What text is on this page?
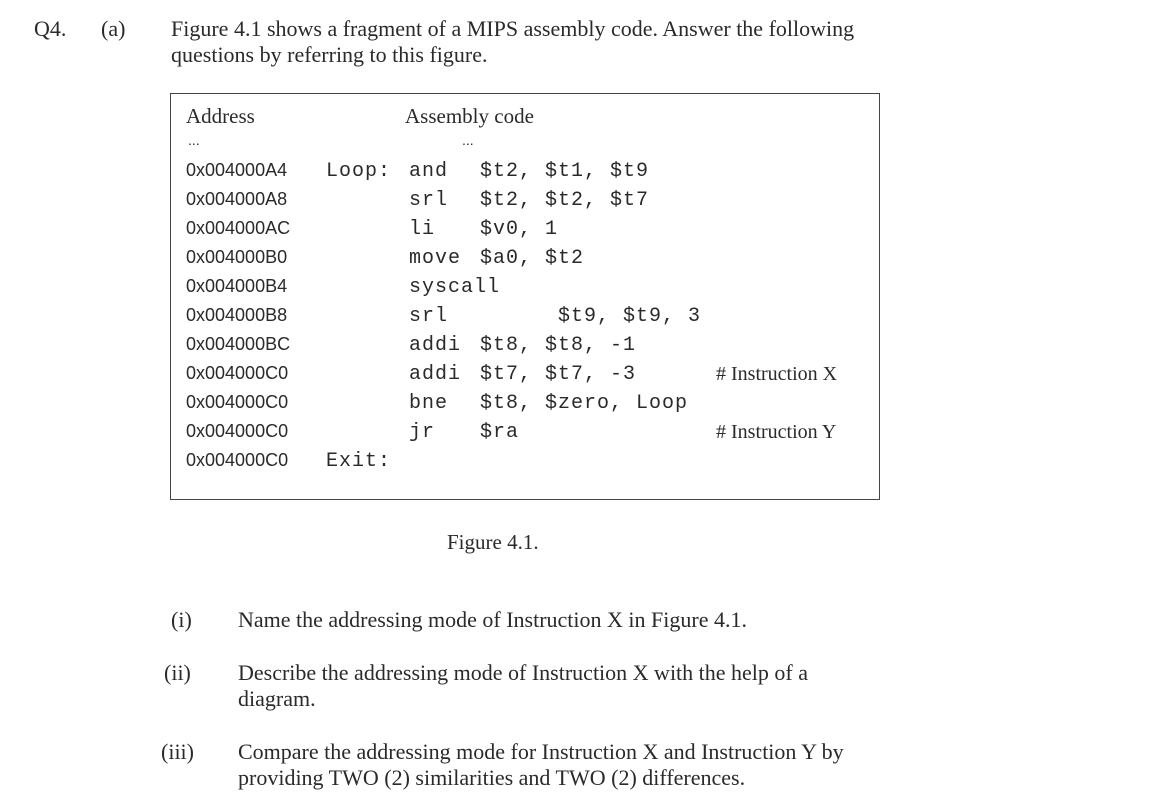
Q4. (a) Figure 4.1 shows a fragment of a MIPS assembly code. Answer the following
questions by referring to this figure.
Address	Assembly code
...	...
0x004000A4 Loop: and $t2, $t1, $t9
0x004000A8	srl $t2, $t2, $t7
0x004000AC	li $v0, 1
0x004000B0	move $a0, $t2
0x004000B4	syscall
0x004000B8	srl $t9, $t9, 3
0x004000BC	addi $t8, $t8, -1
0x004000C0	addi $t7, $t7, -3	# Instruction X
0x004000C0	bne $t8, $zero, Loop
0x004000C0	jr $ra	# Instruction Y
0x004000C0 Exit:
Figure 4.1.
(i) Name the addressing mode of Instruction X in Figure 4.1.
(ii) Describe the addressing mode of Instruction X with the help of a
diagram.
(iii) Compare the addressing mode for Instruction X and Instruction Y by
providing TWO (2) similarities and TWO (2) differences.
